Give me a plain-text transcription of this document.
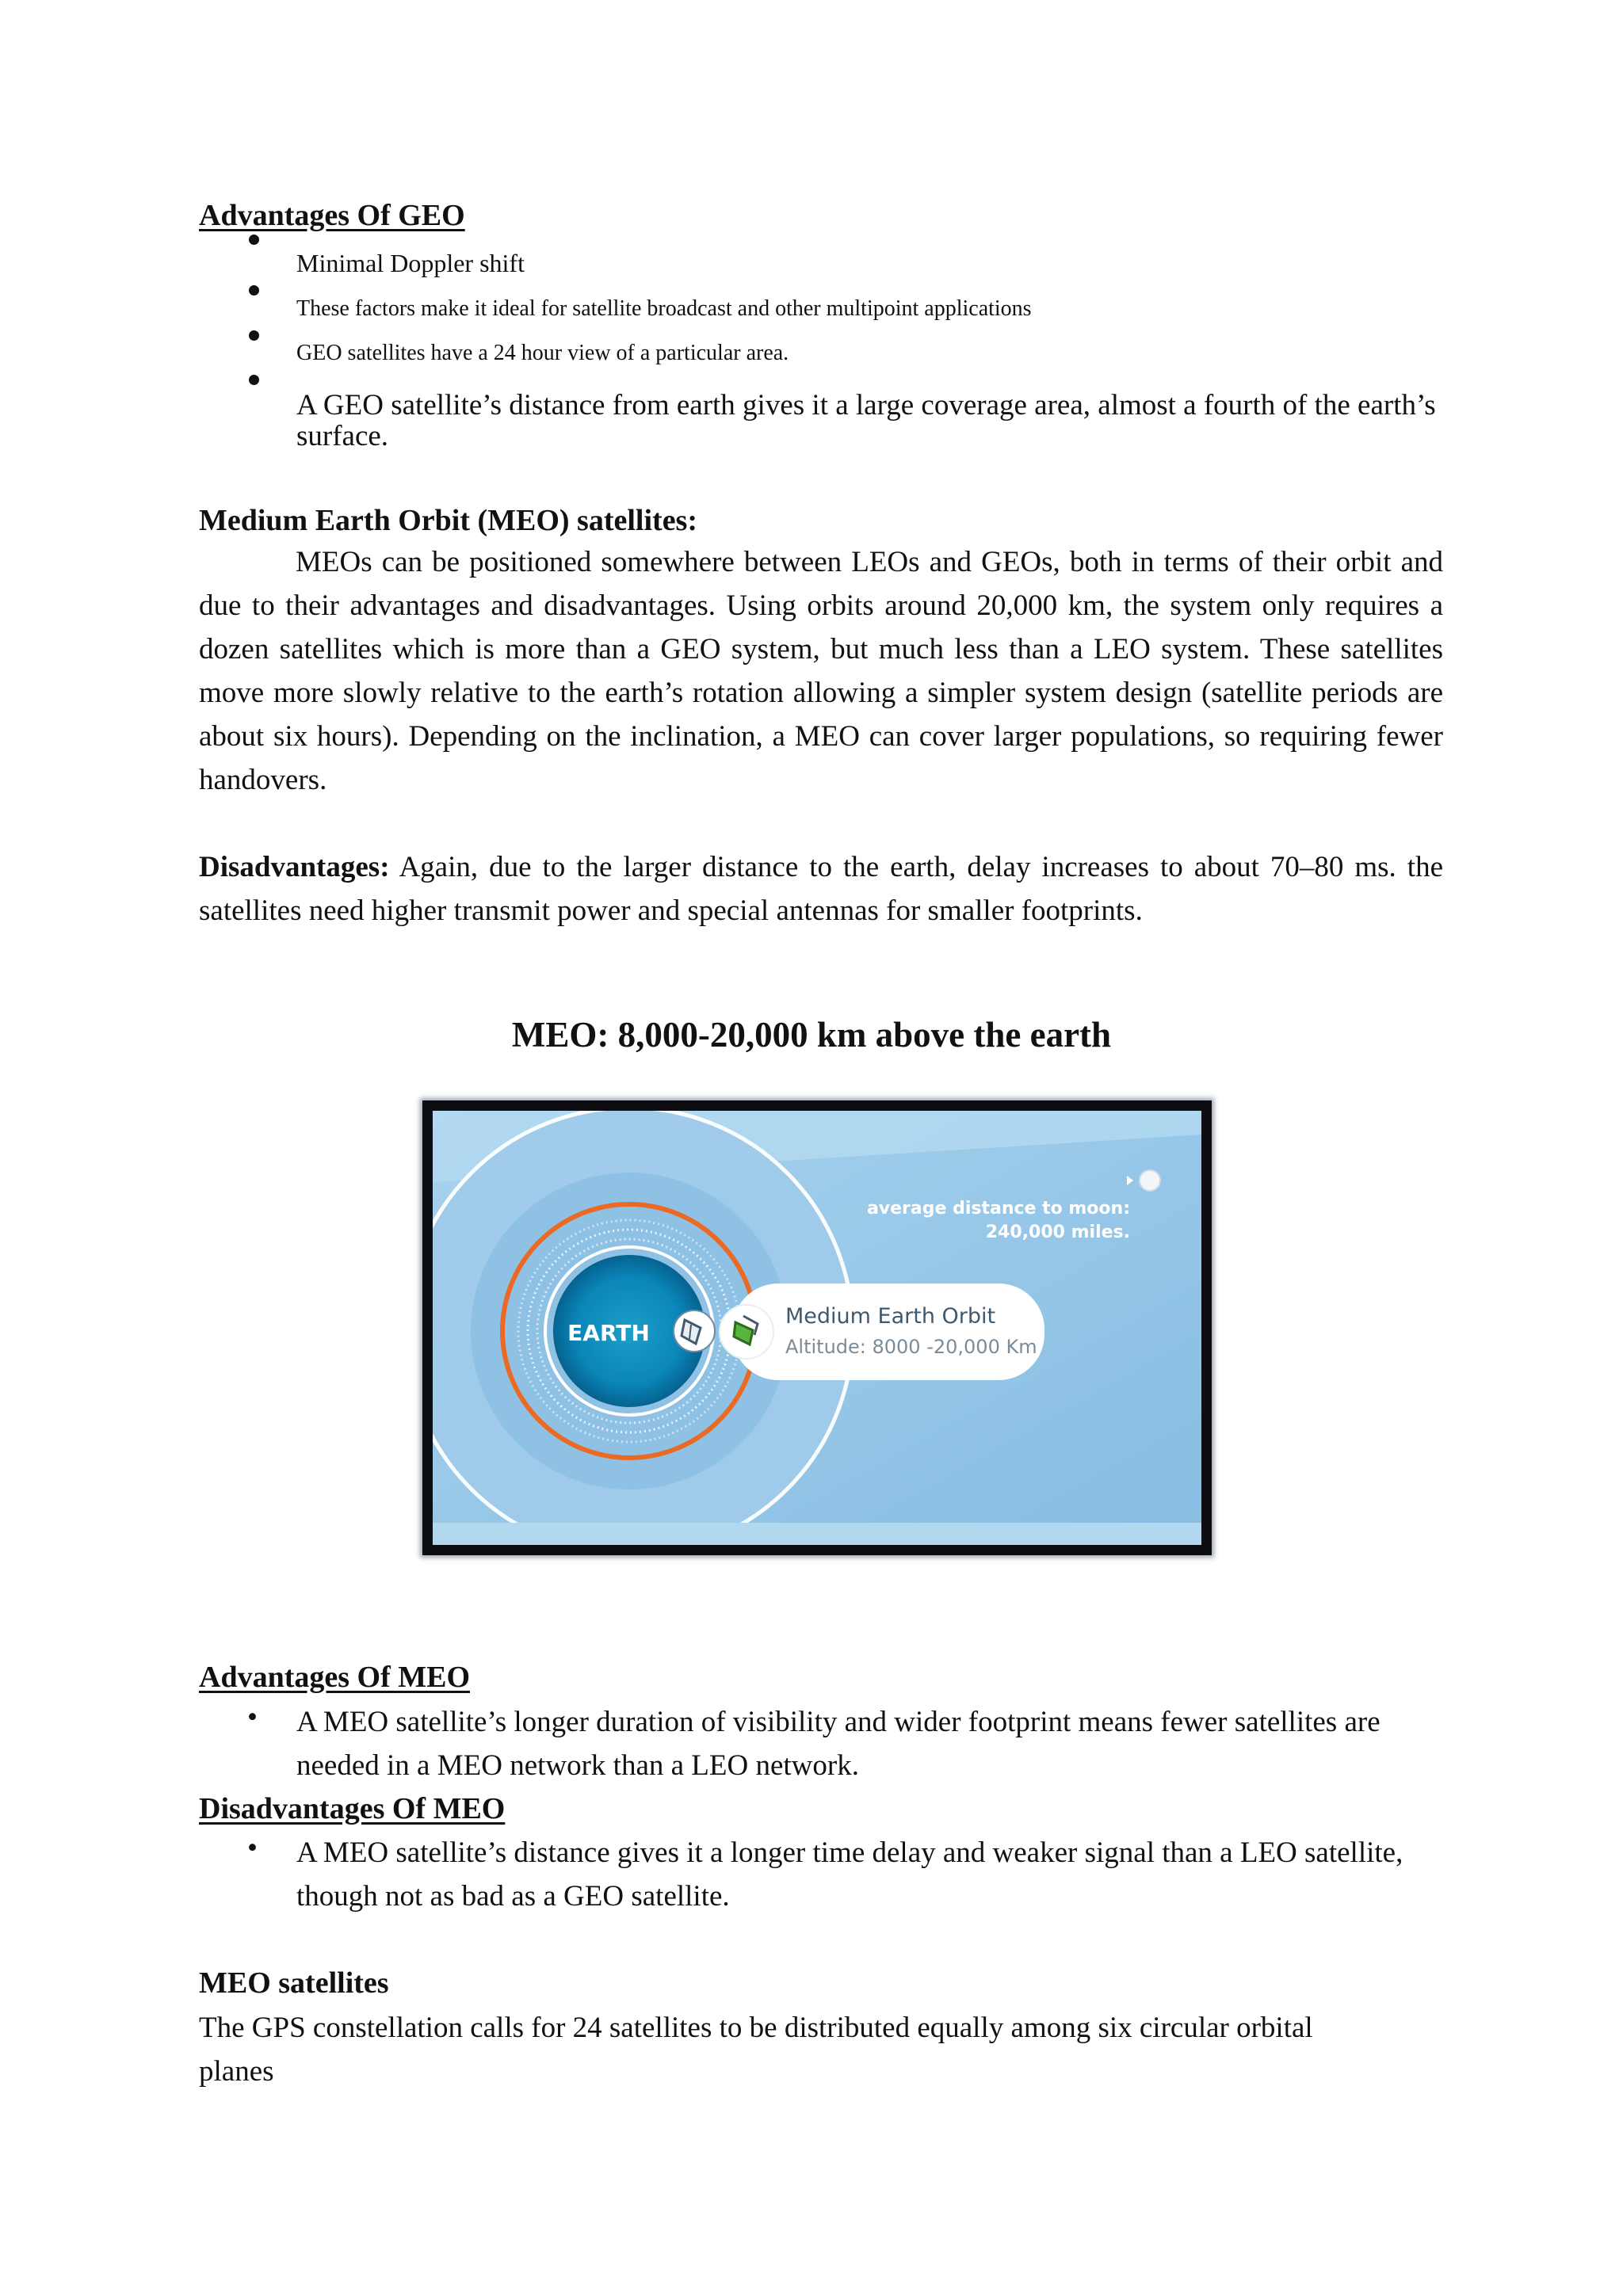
Advantages Of GEO
Minimal Doppler shift
These factors make it ideal for satellite broadcast and other multipoint applications
GEO satellites have a 24 hour view of a particular area.
A GEO satellite’s distance from earth gives it a large coverage area, almost a fourth of the earth’s surface.
Medium Earth Orbit (MEO) satellites:
MEOs can be positioned somewhere between LEOs and GEOs, both in terms of their orbit and due to their advantages and disadvantages. Using orbits around 20,000 km, the system only requires a dozen satellites which is more than a GEO system, but much less than a LEO system. These satellites move more slowly relative to the earth’s rotation allowing a simpler system design (satellite periods are about six hours). Depending on the inclination, a MEO can cover larger populations, so requiring fewer handovers.
Disadvantages: Again, due to the larger distance to the earth, delay increases to about 70–80 ms. the satellites need higher transmit power and special antennas for smaller footprints.
MEO: 8,000-20,000 km above the earth
EARTH
Medium Earth Orbit
Altitude: 8000 -20,000 Km
average distance to moon:
240,000 miles.
Advantages Of MEO
• A MEO satellite’s longer duration of visibility and wider footprint means fewer satellites are needed in a MEO network than a LEO network.
Disadvantages Of MEO
• A MEO satellite’s distance gives it a longer time delay and weaker signal than a LEO satellite, though not as bad as a GEO satellite.
MEO satellites
The GPS constellation calls for 24 satellites to be distributed equally among six circular orbital planes
